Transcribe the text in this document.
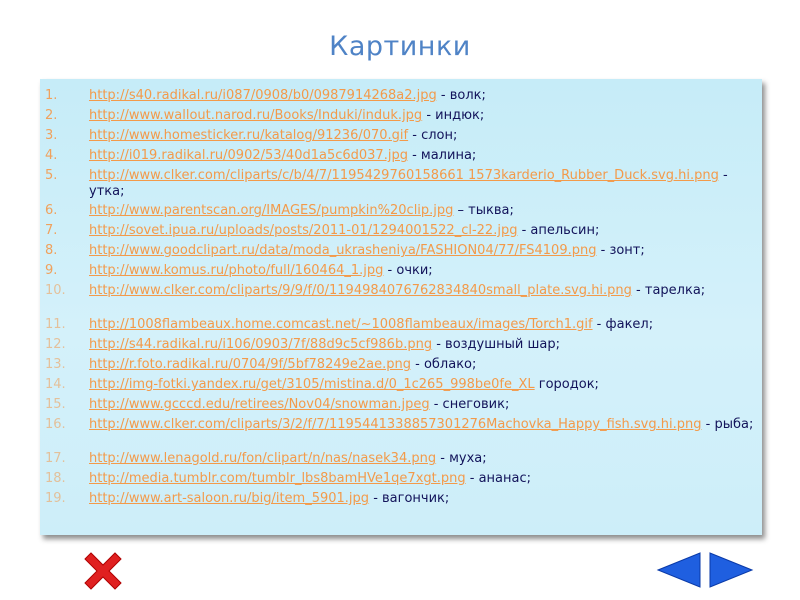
Картинки
1.	http://s40.radikal.ru/i087/0908/b0/0987914268a2.jpg - волк;
2.	http://www.wallout.narod.ru/Books/Induki/induk.jpg - индюк;
3.	http://www.homesticker.ru/katalog/91236/070.gif - слон;
4.	http://i019.radikal.ru/0902/53/40d1a5c6d037.jpg - малина;
5.	http://www.clker.com/cliparts/c/b/4/7/1195429760158661 1573karderio_Rubber_Duck.svg.hi.png - утка;
6.	http://www.parentscan.org/IMAGES/pumpkin%20clip.jpg – тыква;
7.	http://sovet.ipua.ru/uploads/posts/2011-01/1294001522_cl-22.jpg - апельсин;
8.	http://www.goodclipart.ru/data/moda_ukrasheniya/FASHION04/77/FS4109.png - зонт;
9.	http://www.komus.ru/photo/full/160464_1.jpg - очки;
10.	http://www.clker.com/cliparts/9/9/f/0/1194984076762834840small_plate.svg.hi.png - тарелка;
11.	http://1008flambeaux.home.comcast.net/~1008flambeaux/images/Torch1.gif - факел;
12.	http://s44.radikal.ru/i106/0903/7f/88d9c5cf986b.png - воздушный шар;
13.	http://r.foto.radikal.ru/0704/9f/5bf78249e2ae.png - облако;
14.	http://img-fotki.yandex.ru/get/3105/mistina.d/0_1c265_998be0fe_XL городок;
15.	http://www.gcccd.edu/retirees/Nov04/snowman.jpeg - снеговик;
16.	http://www.clker.com/cliparts/3/2/f/7/1195441338857301276Machovka_Happy_fish.svg.hi.png - рыба;
17.	http://www.lenagold.ru/fon/clipart/n/nas/nasek34.png - муха;
18.	http://media.tumblr.com/tumblr_lbs8bamHVe1qe7xgt.png - ананас;
19.	http://www.art-saloon.ru/big/item_5901.jpg - вагончик;
